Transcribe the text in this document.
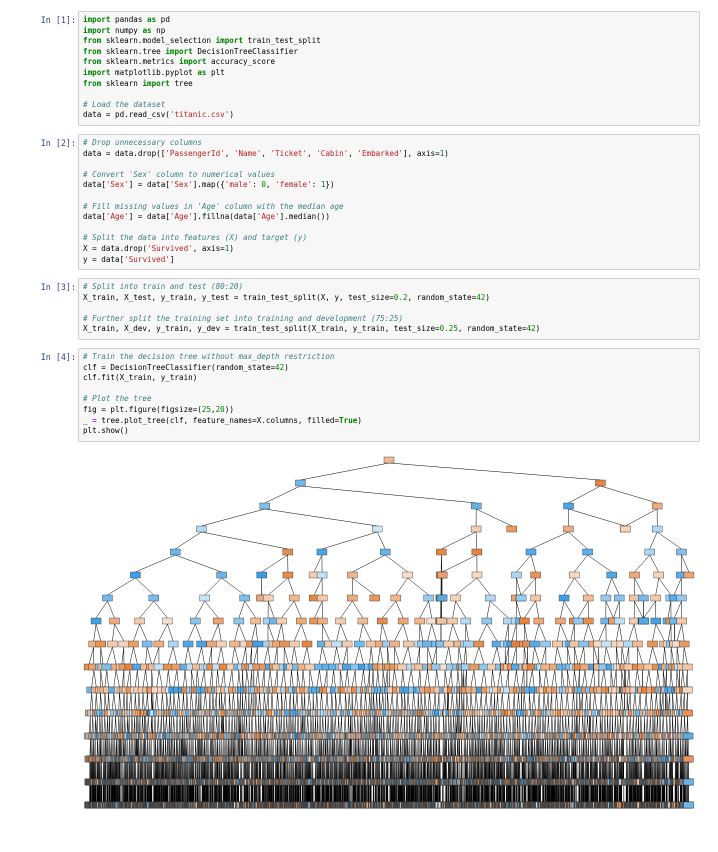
In [1]: import pandas as pd
import numpy as np
from sklearn.model_selection import train_test_split
from sklearn.tree import DecisionTreeClassifier
from sklearn.metrics import accuracy_score
import matplotlib.pyplot as plt
from sklearn import tree
# Load the dataset
data = pd.read_csv('titanic.csv')
In [2]: # Drop unnecessary columns
data = data.drop(['PassengerId', 'Name', 'Ticket', 'Cabin', 'Embarked'], axis=1)
# Convert 'Sex' column to numerical values
data['Sex'] = data['Sex'].map({'male': 0, 'female': 1})
# Fill missing values in 'Age' column with the median age
data['Age'] = data['Age'].fillna(data['Age'].median())
# Split the data into features (X) and target (y)
X = data.drop('Survived', axis=1)
y = data['Survived']
In [3]: # Split into train and test (80:20)
X_train, X_test, y_train, y_test = train_test_split(X, y, test_size=0.2, random_state=42)
# Further split the training set into training and development (75:25)
X_train, X_dev, y_train, y_dev = train_test_split(X_train, y_train, test_size=0.25, random_state=42)
In [4]: # Train the decision tree without max_depth restriction
clf = DecisionTreeClassifier(random_state=42)
clf.fit(X_train, y_train)
# Plot the tree
fig = plt.figure(figsize=(25,20))
_ = tree.plot_tree(clf, feature_names=X.columns, filled=True)
plt.show()
